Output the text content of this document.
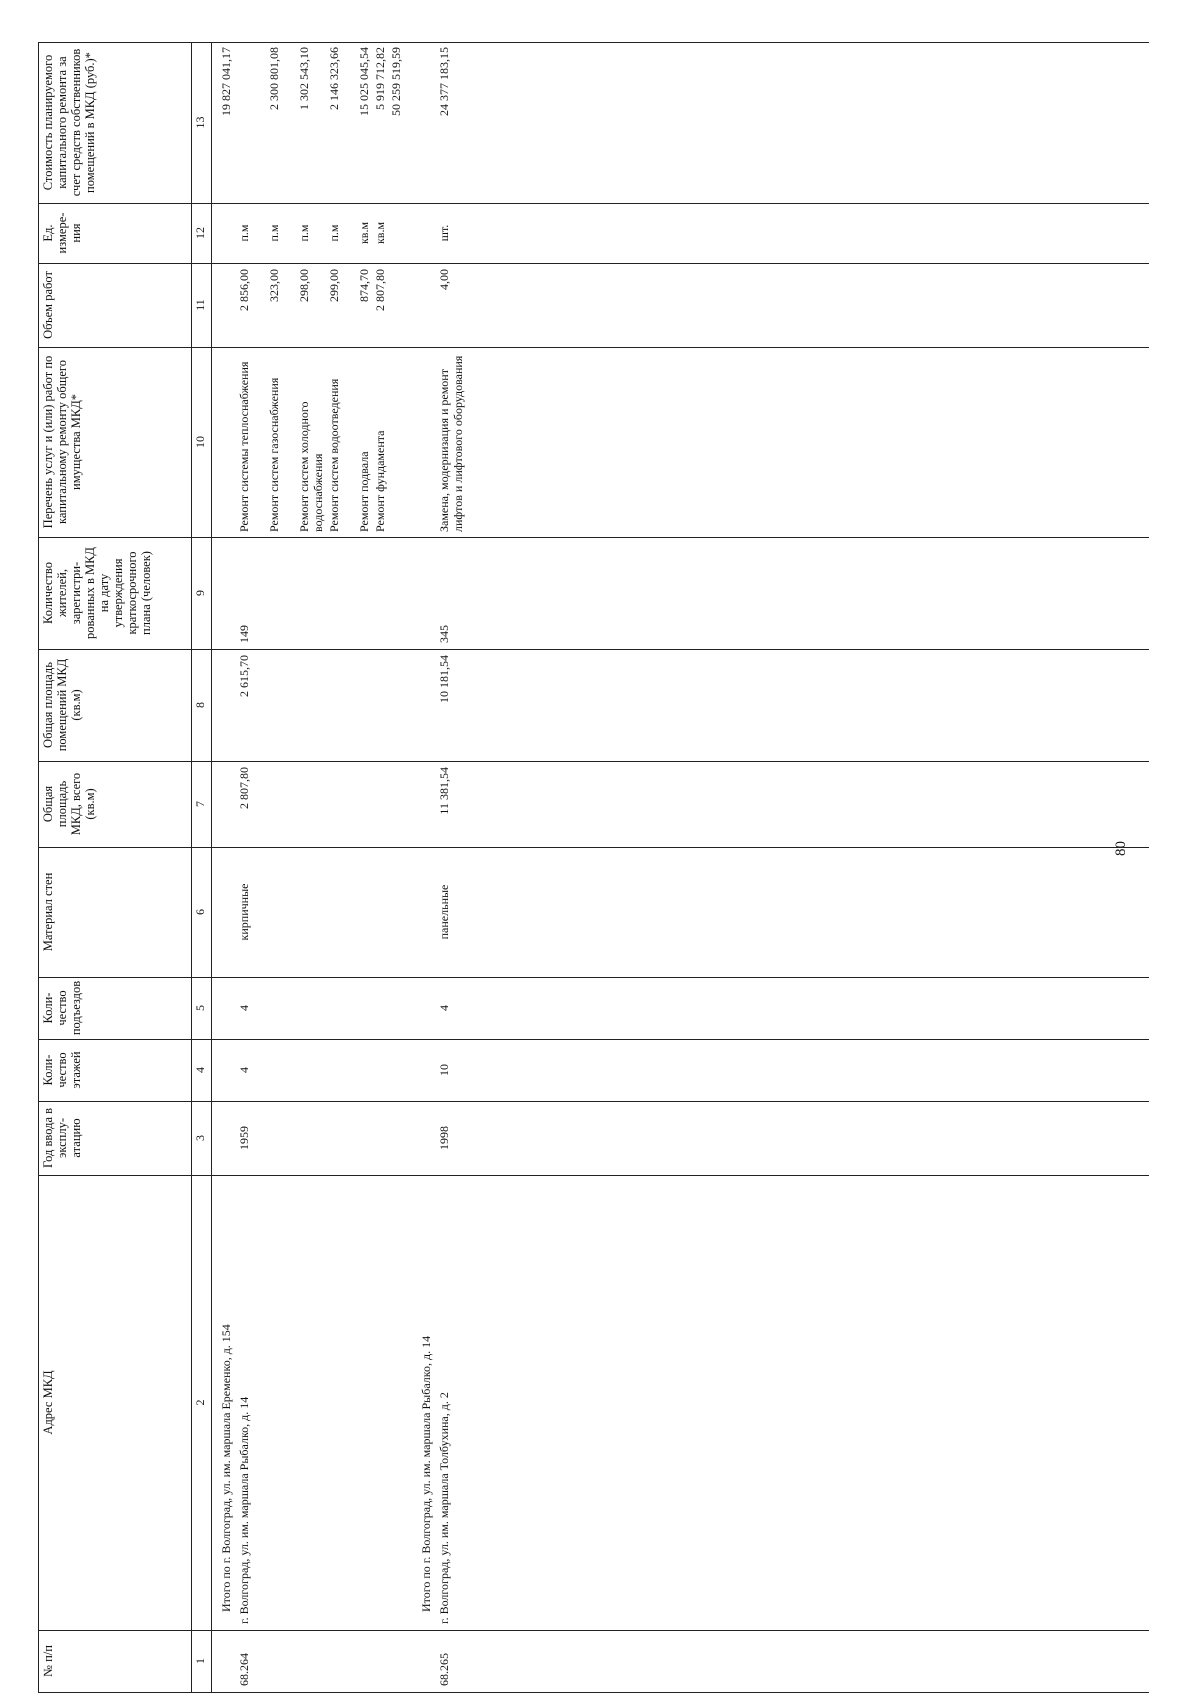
80
№ п/п
Адрес МКД
Год ввода в эксплу-атацию
Коли-чество этажей
Коли-чество подъездов
Материал стен
Общая площадь МКД, всего (кв.м)
Общая площадь помещений МКД (кв.м)
Количество жителей, зарегистри-рованных в МКД на дату утверждения краткосрочного плана (человек)
Перечень услуг и (или) работ по капитальному ремонту общего имущества МКД*
Объем работ
Ед. измере-ния
Стоимость планируемого капитального ремонта за счет средств собственников помещений в МКД (руб.)*
1
2
3
4
5
6
7
8
9
10
11
12
13
Итого по г. Волгоград, ул. им. маршала Еременко, д. 154
19 827 041,17
68.264
г. Волгоград, ул. им. маршала Рыбалко, д. 14
1959
4
4
кирпичные
2 807,80
2 615,70
149
Ремонт системы теплоснабжения
2 856,00
п.м
Ремонт систем газоснабжения
323,00
п.м
2 300 801,08
Ремонт систем холодного водоснабжения
298,00
п.м
1 302 543,10
Ремонт систем водоотведения
299,00
п.м
2 146 323,66
Ремонт подвала
874,70
кв.м
15 025 045,54
Ремонт фундамента
2 807,80
кв.м
5 919 712,82 50 259 519,59
Итого по г. Волгоград, ул. им. маршала Рыбалко, д. 14
68.265
г. Волгоград, ул. им. маршала Толбухина, д. 2
1998
10
4
панельные
11 381,54
10 181,54
345
Замена, модернизация и ремонт лифтов и лифтового оборудования
4,00
шт.
24 377 183,15
